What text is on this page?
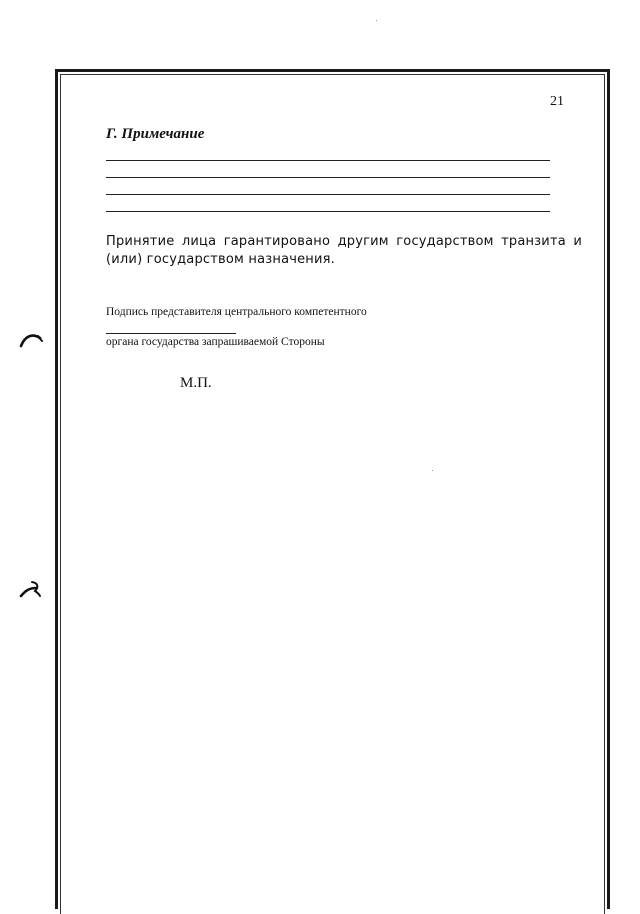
21
Г. Примечание

Принятие лица гарантировано другим государством транзита и (или) государством назначения.

Подпись представителя центрального компетентного
органа государства запрашиваемой Стороны
М.П.
